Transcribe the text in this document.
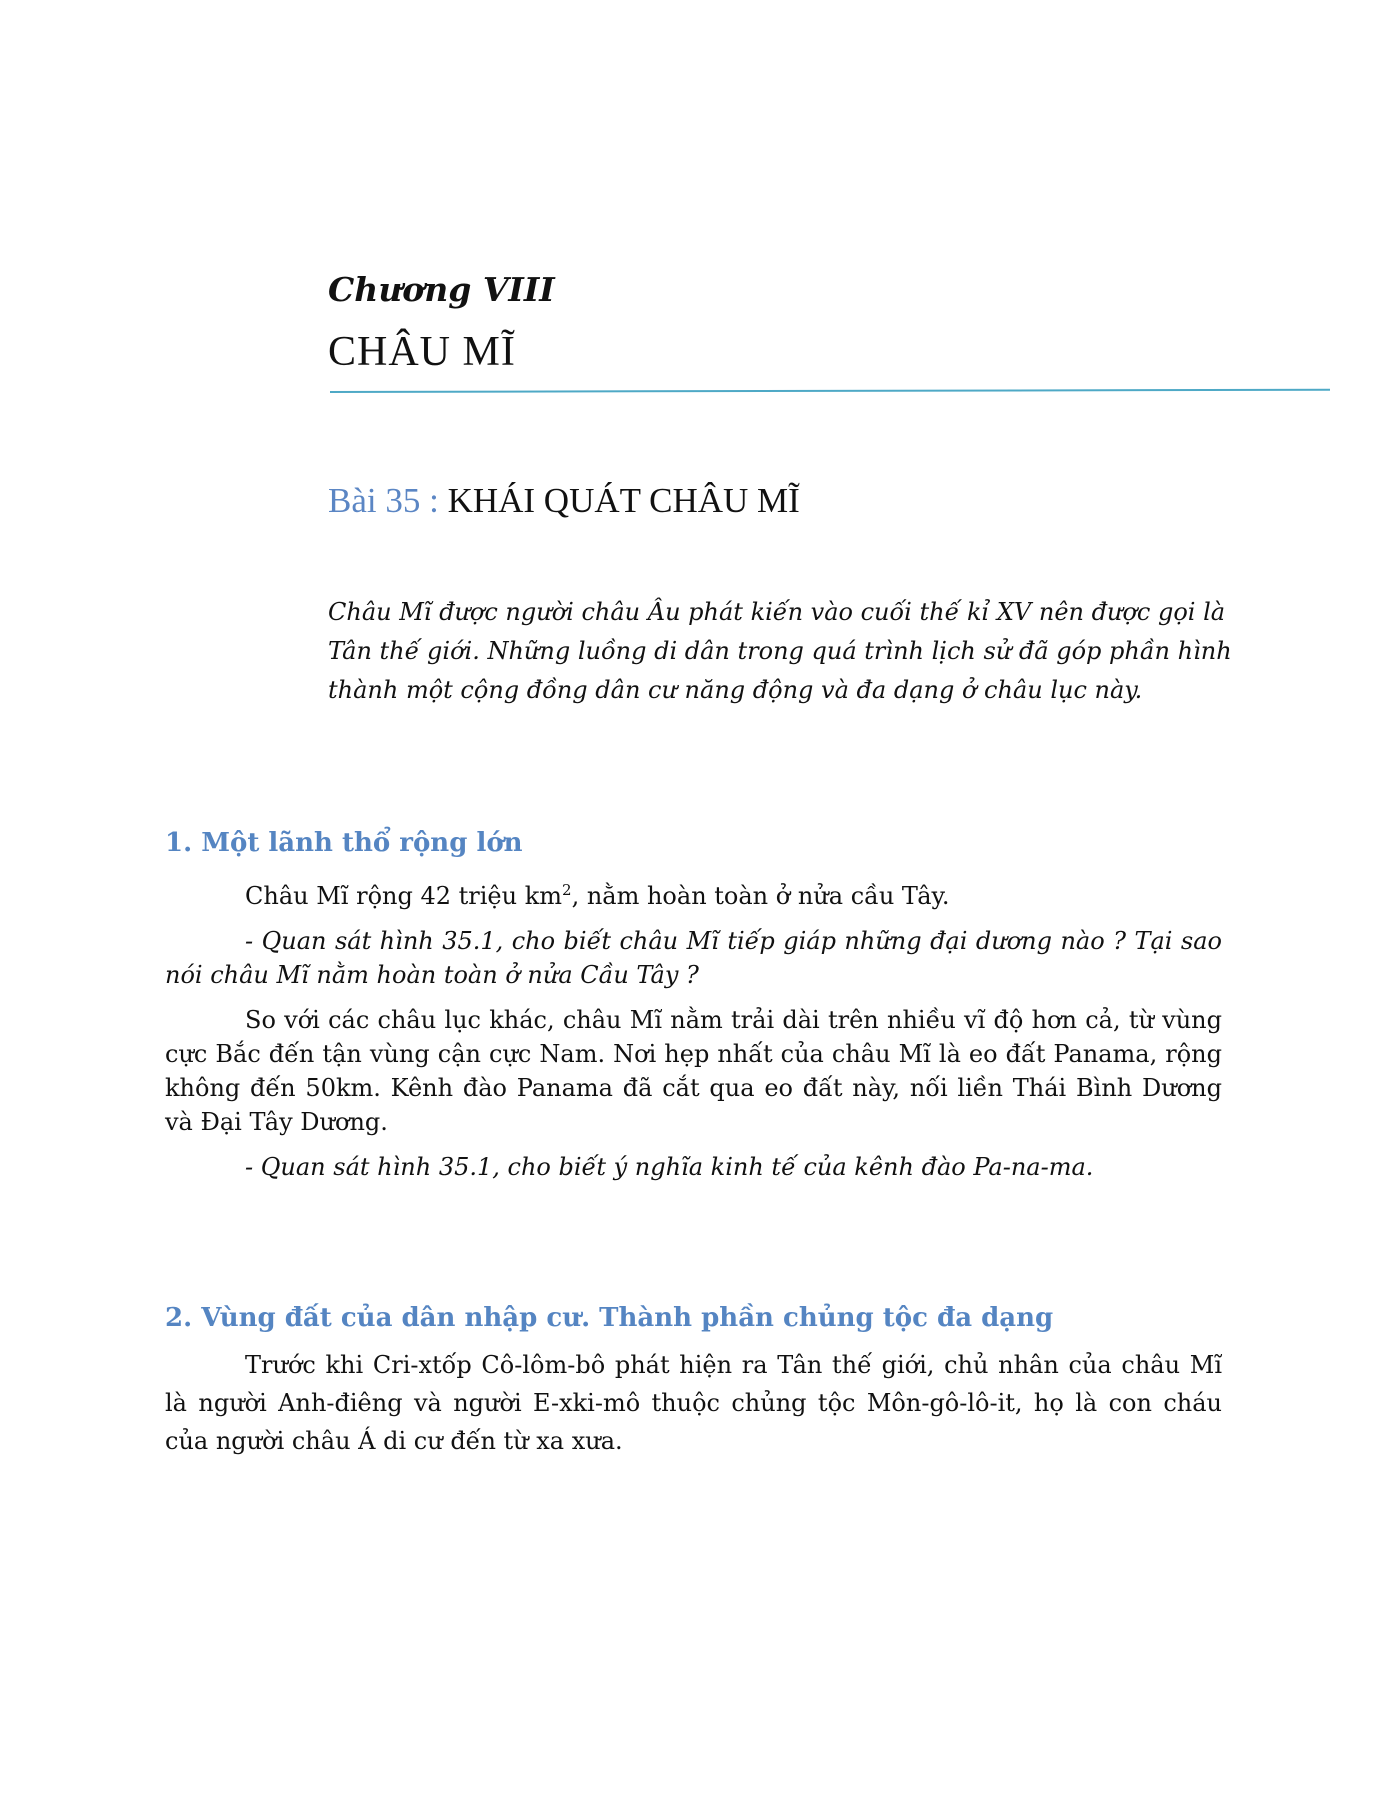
Chương VIII
CHÂU MĨ
Bài 35 : KHÁI QUÁT CHÂU MĨ
Châu Mĩ được người châu Âu phát kiến vào cuối thế kỉ XV nên được gọi là Tân thế giới. Những luồng di dân trong quá trình lịch sử đã góp phần hình thành một cộng đồng dân cư năng động và đa dạng ở châu lục này.
1. Một lãnh thổ rộng lớn

Châu Mĩ rộng 42 triệu $km^2$, nằm hoàn toàn ở nửa cầu Tây.

- Quan sát hình 35.1, cho biết châu Mĩ tiếp giáp những đại dương nào ? Tại sao nói châu Mĩ nằm hoàn toàn ở nửa Cầu Tây ?

So với các châu lục khác, châu Mĩ nằm trải dài trên nhiều vĩ độ hơn cả, từ vùng cực Bắc đến tận vùng cận cực Nam. Nơi hẹp nhất của châu Mĩ là eo đất Panama, rộng không đến 50km. Kênh đào Panama đã cắt qua eo đất này, nối liền Thái Bình Dương và Đại Tây Dương.

- Quan sát hình 35.1, cho biết ý nghĩa kinh tế của kênh đào Pa-na-ma.

2. Vùng đất của dân nhập cư. Thành phần chủng tộc đa dạng

Trước khi Cri-xtốp Cô-lôm-bô phát hiện ra Tân thế giới, chủ nhân của châu Mĩ là người Anh-điêng và người E-xki-mô thuộc chủng tộc Môn-gô-lô-it, họ là con cháu của người châu Á di cư đến từ xa xưa.
